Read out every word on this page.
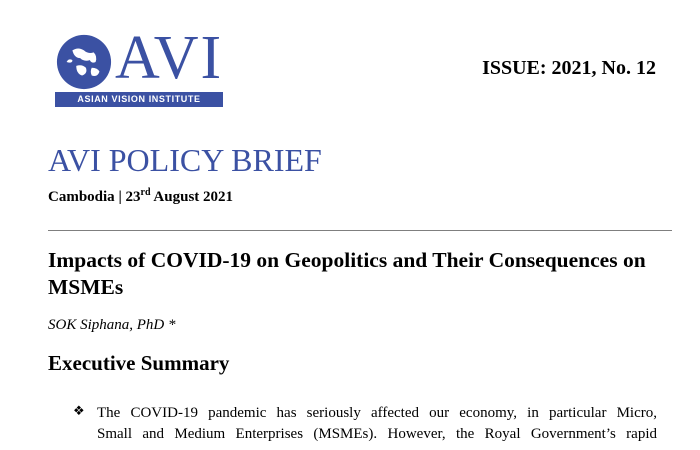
AVI
ASIAN VISION INSTITUTE
ISSUE: 2021, No. 12
AVI POLICY BRIEF
Cambodia | 23rd August 2021
Impacts of COVID-19 on Geopolitics and Their Consequences on MSMEs
SOK Siphana, PhD *
Executive Summary
❖ The COVID-19 pandemic has seriously affected our economy, in particular Micro,
Small and Medium Enterprises (MSMEs). However, the Royal Government’s rapid
